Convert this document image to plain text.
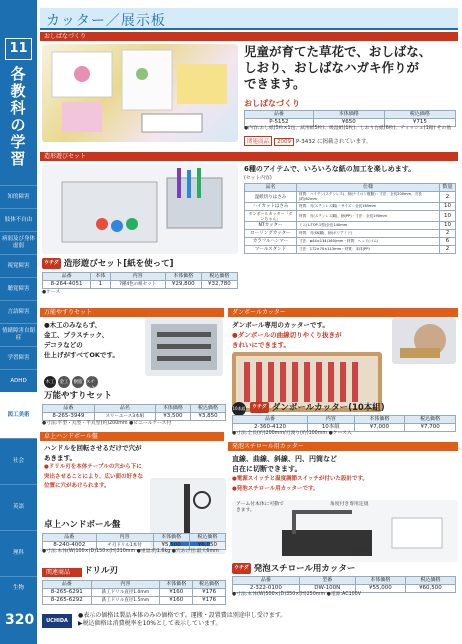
11
各教科の学習
知的障害
肢体不自由
病弱及び身体虚弱
視覚障害
聴覚障害
言語障害
情緒障害自閉症
学習障害
ADHD
図工美術
社会
英語
理科
生物
320
カッター／展示板
おしばなづくり
児童が育てた草花で、おしばな、
しおり、おしばなハガキ作りが
できます。
おしばなづくり
品番	本体価格	税込価格
P-5152	¥650	¥715
●内容:おし紙(5枚×1包、試用紙5枚)、吸湿紙(1枚)、しおり台紙(6枚)、ティッシュ(1箱) その他
関連商品 2009 P-3432 に掲載されています。
造形遊びセット
6種のアイテムで、いろいろな紙の加工を楽しめます。
(セット内容)
品名	仕様	数量
湿紙切りはさみ	材質：ハイテン(ステンレス)、柄(ナイロン樹脂)・寸法：全長200mm、刃長(約)62mm	2
ハイカットはさみ	材質：刃(ステンレス鋼)・サイズ：全長165mm	10
ダンボールカッター「ダンちゃん」	材質：刃(ステンレス鋼)、柄(PP)・寸法：全長190mm	10
NTカッター	ミニ(L-TOP-1型)全長140mm	10
ローリングカッター	材質：刃(SK鋼)、柄(ポリアミド)	2
カラフルハンマー	寸法：φ44×134(160)mm・材質：ヘッド(ゴム)	6
ツールスタンド	寸法：172×70×113mm・材質：本体(PP)	2
ウチダ 造形遊びセット[紙を使って]
品番	本体	内容	本体価格	税込価格
8-264-4051	1	7種4色の組セット	¥29,800	¥32,780
●ケース
万能やすりセット
●木工のみならず、
金工、プラスチック、
デコラなどの
仕上げがすべてOKです。
木工	金工	樹脂
プラスチック
万能やすりセット
品番	品名	本体価格	税込価格
8-265-3949	スリーエース3本組	¥3,500	¥3,850
●寸法:平型・丸型・半丸型(約)200mm ●ビニールケース付
ダンボールカッター
ダンボール専用のカッターです。
●ダンボールの曲線切りやくり抜きが
きれいにできます。
10本組	ウチダ ダンボールカッター(10本組)
品番	内容	本体価格	税込価格
2-360-4120	10本組	¥7,000	¥7,700
●寸法:全長(約)200mm/刃渡り(約)100mm ●ケース入
卓上ハンドボール盤
ハンドルを回転させるだけで穴が
あきます。
●ドリル刃を本体テーブルの穴から下に
突出させることにより、広い面の好きな
位置に穴があけられます。
卓上ハンドボール盤
品番	内容	本体価格	税込価格
8-240-4002	チ刃ドリル1本付	¥5,500	¥6,050
●寸法:本体(W)100×(D)150×(H)310mm ●重量:約1.6kg ●穴あけ径:最大6mm
関連商品	ドリル刃
品番	内容	本体価格	税込価格
8-265-6291	鉄工ドリル直径1.0mm	¥160	¥176
8-265-6292	鉄工ドリル直径1.5mm	¥160	¥176
発泡スチロール用カッター
直線、曲線、斜線、円、円筒など
自在に切断できます。
●電源スイッチと温度調節スイッチが付いた設計です。
●発泡スチロール用カッターです。
アーム付本体に可動できます。
角度付き専用定規
センター固定金具
ウチダ 発泡スチロール用カッター
品番	型番	本体価格	税込価格
2-322-0100	DW-100N	¥55,000	¥60,500
●寸法:本体(W)500×(D)350×(H)250mm ●電源:AC100V
UCHIDA
●表示の価格は製品本体のみの価格です。運搬・設置費は別途申し受けます。
▶税込価格は消費税率を10%として表示しています。
